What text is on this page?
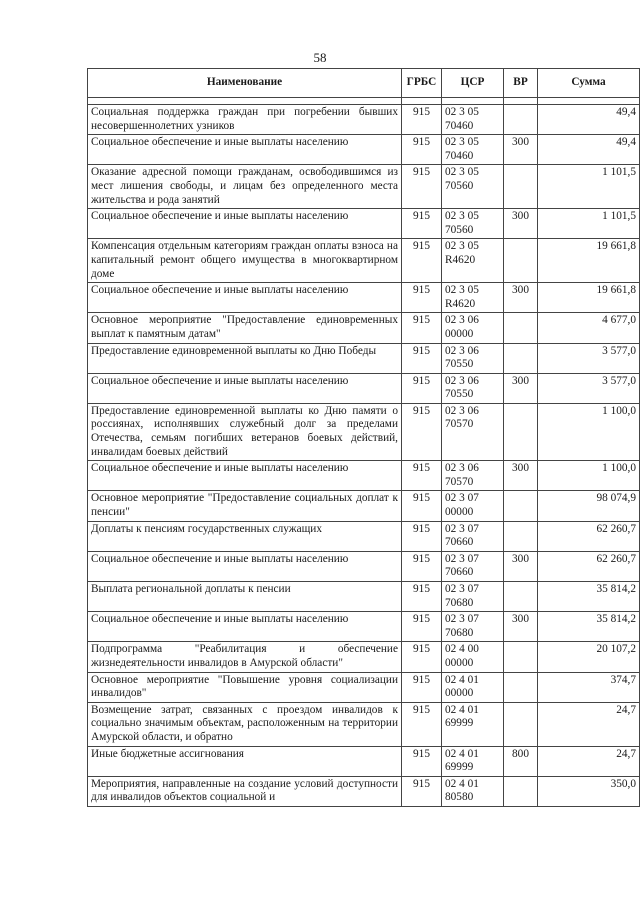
58
Наименование	ГРБС	ЦСР	ВР	Сумма

Социальная поддержка граждан при погребении бывших несовершеннолетних узников	915	02 3 05 70460		49,4
Социальное обеспечение и иные выплаты населению	915	02 3 05 70460	300	49,4
Оказание адресной помощи гражданам, освободившимся из мест лишения свободы, и лицам без определенного места жительства и рода занятий	915	02 3 05 70560		1 101,5
Социальное обеспечение и иные выплаты населению	915	02 3 05 70560	300	1 101,5
Компенсация отдельным категориям граждан оплаты взноса на капитальный ремонт общего имущества в многоквартирном доме	915	02 3 05 R4620		19 661,8
Социальное обеспечение и иные выплаты населению	915	02 3 05 R4620	300	19 661,8
Основное мероприятие "Предоставление единовременных выплат к памятным датам"	915	02 3 06 00000		4 677,0
Предоставление единовременной выплаты ко Дню Победы	915	02 3 06 70550		3 577,0
Социальное обеспечение и иные выплаты населению	915	02 3 06 70550	300	3 577,0
Предоставление единовременной выплаты ко Дню памяти о россиянах, исполнявших служебный долг за пределами Отечества, семьям погибших ветеранов боевых действий, инвалидам боевых действий	915	02 3 06 70570		1 100,0
Социальное обеспечение и иные выплаты населению	915	02 3 06 70570	300	1 100,0
Основное мероприятие "Предоставление социальных доплат к пенсии"	915	02 3 07 00000		98 074,9
Доплаты к пенсиям государственных служащих	915	02 3 07 70660		62 260,7
Социальное обеспечение и иные выплаты населению	915	02 3 07 70660	300	62 260,7
Выплата региональной доплаты к пенсии	915	02 3 07 70680		35 814,2
Социальное обеспечение и иные выплаты населению	915	02 3 07 70680	300	35 814,2
Подпрограмма "Реабилитация и обеспечение жизнедеятельности инвалидов в Амурской области"	915	02 4 00 00000		20 107,2
Основное мероприятие "Повышение уровня социализации инвалидов"	915	02 4 01 00000		374,7
Возмещение затрат, связанных с проездом инвалидов к социально значимым объектам, расположенным на территории Амурской области, и обратно	915	02 4 01 69999		24,7
Иные бюджетные ассигнования	915	02 4 01 69999	800	24,7
Мероприятия, направленные на создание условий доступности для инвалидов объектов социальной и	915	02 4 01 80580		350,0
